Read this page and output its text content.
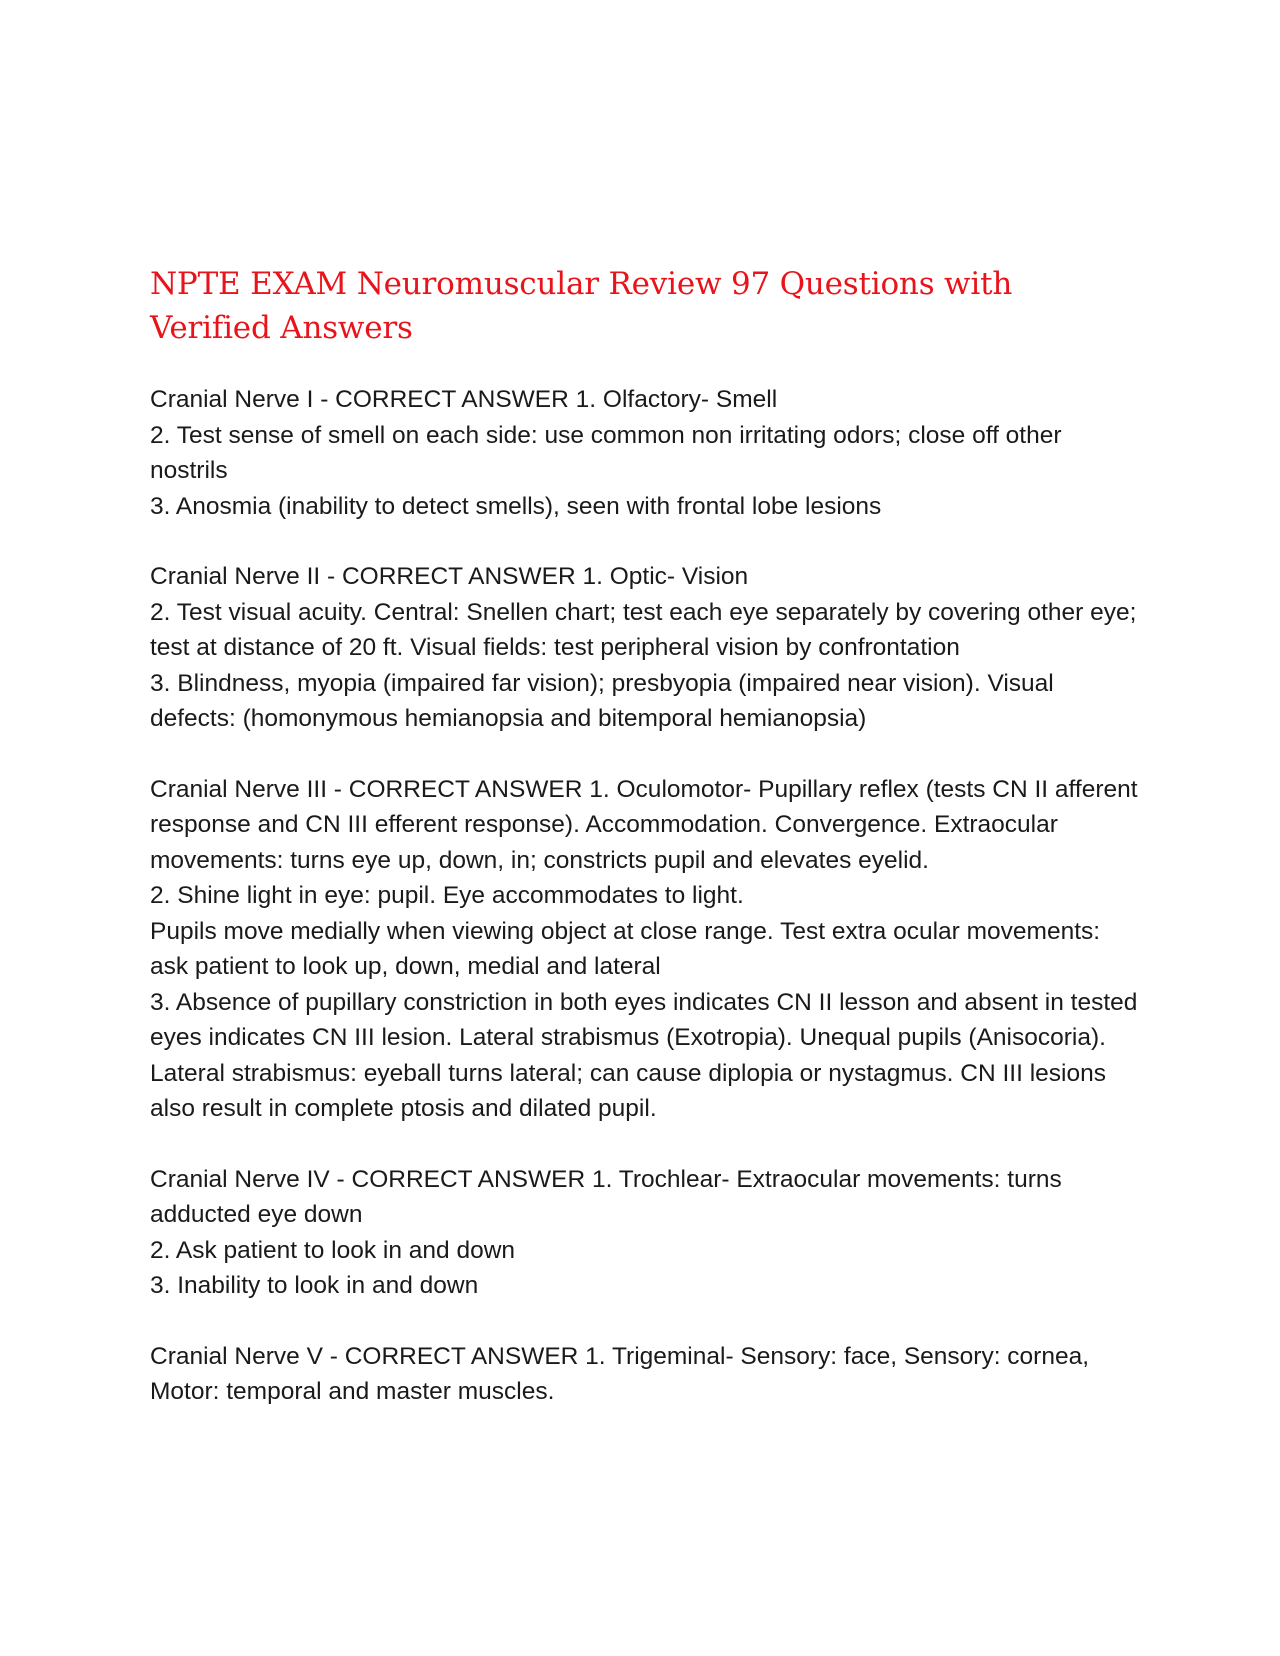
NPTE EXAM Neuromuscular Review 97 Questions with Verified Answers

Cranial Nerve I - CORRECT ANSWER 1. Olfactory- Smell

2. Test sense of smell on each side: use common non irritating odors; close off other nostrils

3. Anosmia (inability to detect smells), seen with frontal lobe lesions

Cranial Nerve II - CORRECT ANSWER 1. Optic- Vision

2. Test visual acuity. Central: Snellen chart; test each eye separately by covering other eye; test at distance of 20 ft. Visual fields: test peripheral vision by confrontation

3. Blindness, myopia (impaired far vision); presbyopia (impaired near vision). Visual defects: (homonymous hemianopsia and bitemporal hemianopsia)

Cranial Nerve III - CORRECT ANSWER 1. Oculomotor- Pupillary reflex (tests CN II afferent response and CN III efferent response). Accommodation. Convergence. Extraocular movements: turns eye up, down, in; constricts pupil and elevates eyelid.

2. Shine light in eye: pupil. Eye accommodates to light.

Pupils move medially when viewing object at close range. Test extra ocular movements: ask patient to look up, down, medial and lateral

3. Absence of pupillary constriction in both eyes indicates CN II lesson and absent in tested eyes indicates CN III lesion. Lateral strabismus (Exotropia). Unequal pupils (Anisocoria). Lateral strabismus: eyeball turns lateral; can cause diplopia or nystagmus. CN III lesions also result in complete ptosis and dilated pupil.

Cranial Nerve IV - CORRECT ANSWER 1. Trochlear- Extraocular movements: turns adducted eye down

2. Ask patient to look in and down

3. Inability to look in and down

Cranial Nerve V - CORRECT ANSWER 1. Trigeminal- Sensory: face, Sensory: cornea, Motor: temporal and master muscles.
